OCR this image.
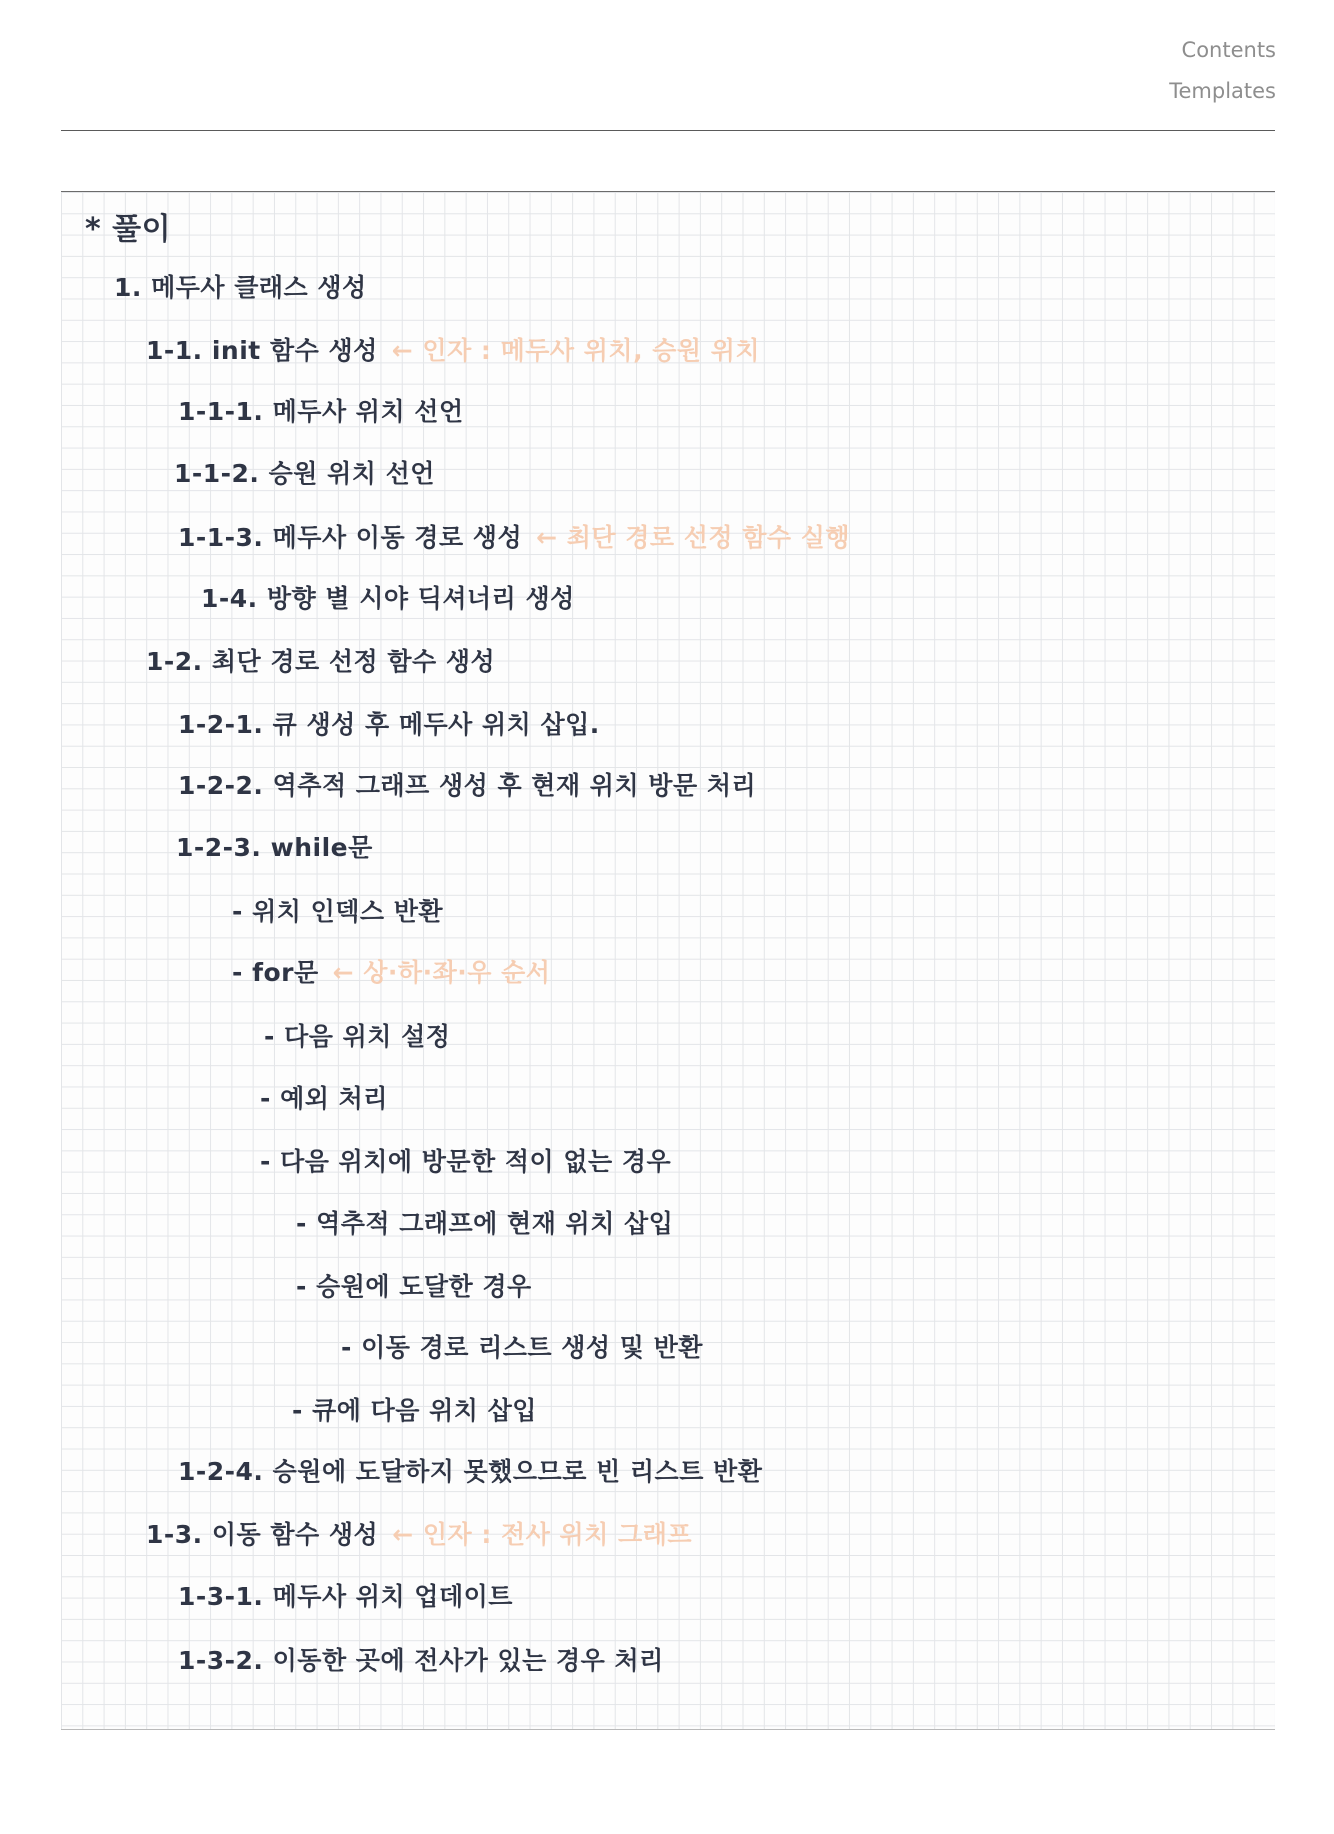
Contents
Templates
* 풀이
1. 메두사 클래스 생성
1-1. init 함수 생성 ← 인자 : 메두사 위치, 승원 위치
1-1-1. 메두사 위치 선언
1-1-2. 승원 위치 선언
1-1-3. 메두사 이동 경로 생성 ← 최단 경로 선정 함수 실행
1-4. 방향 별 시야 딕셔너리 생성
1-2. 최단 경로 선정 함수 생성
1-2-1. 큐 생성 후 메두사 위치 삽입.
1-2-2. 역추적 그래프 생성 후 현재 위치 방문 처리
1-2-3. while문
- 위치 인덱스 반환
- for문 ← 상·하·좌·우 순서
- 다음 위치 설정
- 예외 처리
- 다음 위치에 방문한 적이 없는 경우
- 역추적 그래프에 현재 위치 삽입
- 승원에 도달한 경우
- 이동 경로 리스트 생성 및 반환
- 큐에 다음 위치 삽입
1-2-4. 승원에 도달하지 못했으므로 빈 리스트 반환
1-3. 이동 함수 생성 ← 인자 : 전사 위치 그래프
1-3-1. 메두사 위치 업데이트
1-3-2. 이동한 곳에 전사가 있는 경우 처리
